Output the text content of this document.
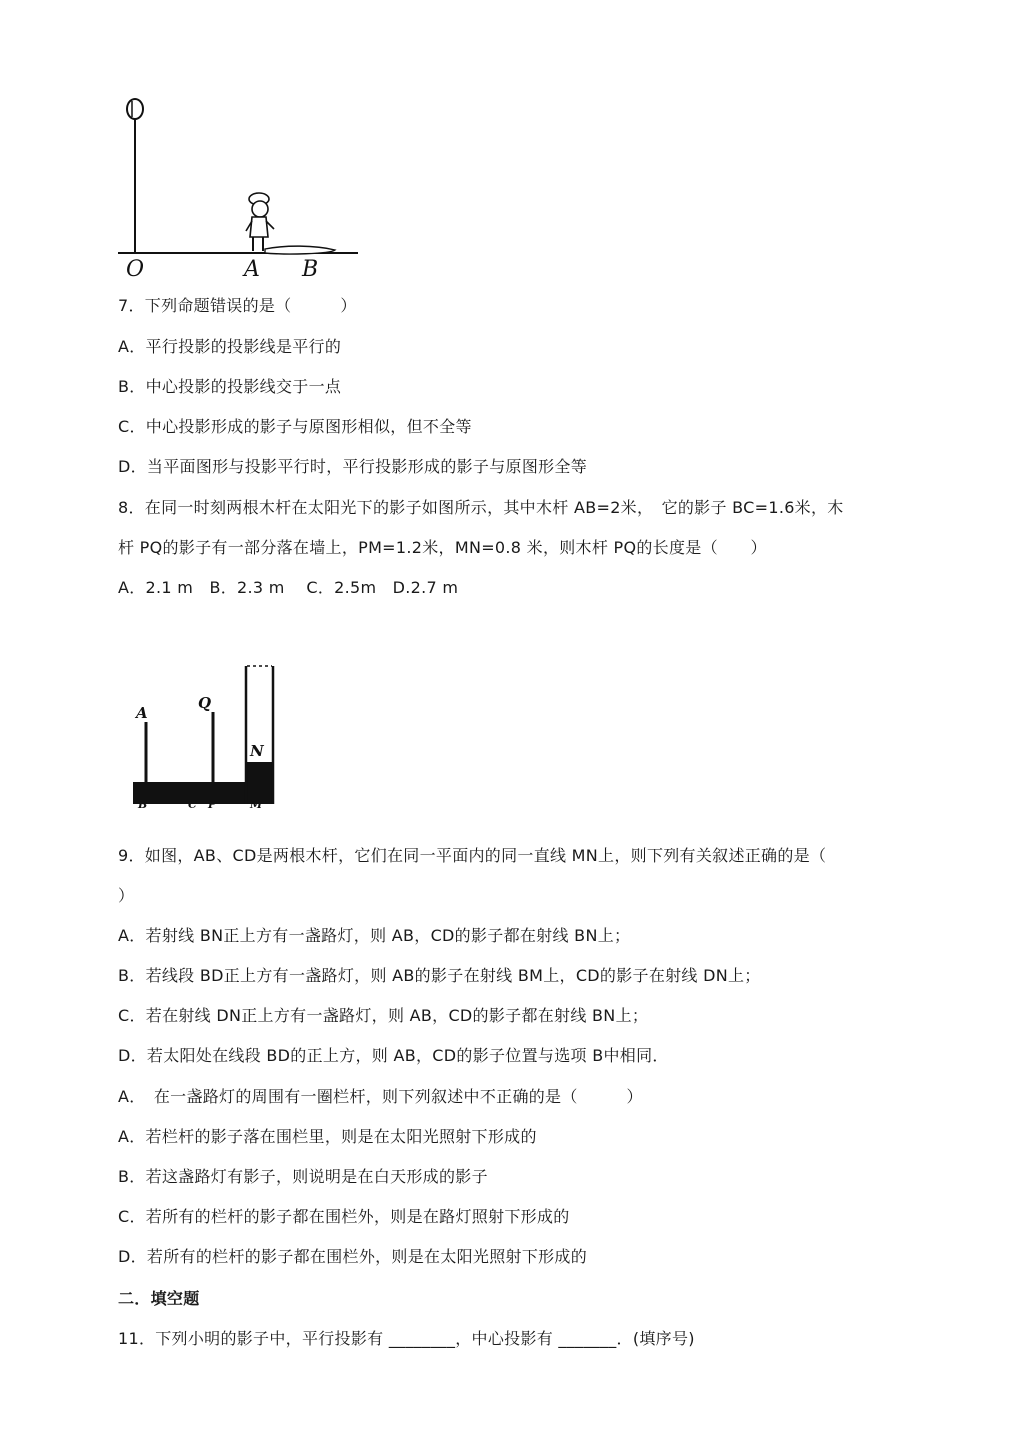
O	A B
7．下列命题错误的是（　　　）
A．平行投影的投影线是平行的
B．中心投影的投影线交于一点
C．中心投影形成的影子与原图形相似，但不全等
D．当平面图形与投影平行时，平行投影形成的影子与原图形全等
8．在同一时刻两根木杆在太阳光下的影子如图所示，其中木杆 AB=2米，　它的影子 BC=1.6米，木
杆 PQ的影子有一部分落在墙上，PM=1.2米，MN=0.8 米，则木杆 PQ的长度是（　　）
A．2.1 m　B．2.3 m　 C．2.5m　D.2.7 m
A
Q
N
B	C P	M
9．如图，AB、CD是两根木杆，它们在同一平面内的同一直线 MN上，则下列有关叙述正确的是（
）
A．若射线 BN正上方有一盏路灯，则 AB，CD的影子都在射线 BN上；
B．若线段 BD正上方有一盏路灯，则 AB的影子在射线 BM上，CD的影子在射线 DN上；
C．若在射线 DN正上方有一盏路灯，则 AB，CD的影子都在射线 BN上；
D．若太阳处在线段 BD的正上方，则 AB，CD的影子位置与选项 B中相同．
A．　在一盏路灯的周围有一圈栏杆，则下列叙述中不正确的是（　　　）
A．若栏杆的影子落在围栏里，则是在太阳光照射下形成的
B．若这盏路灯有影子，则说明是在白天形成的影子
C．若所有的栏杆的影子都在围栏外，则是在路灯照射下形成的
D．若所有的栏杆的影子都在围栏外，则是在太阳光照射下形成的
二．填空题
11．下列小明的影子中，平行投影有 ________，中心投影有 _______．(填序号)
